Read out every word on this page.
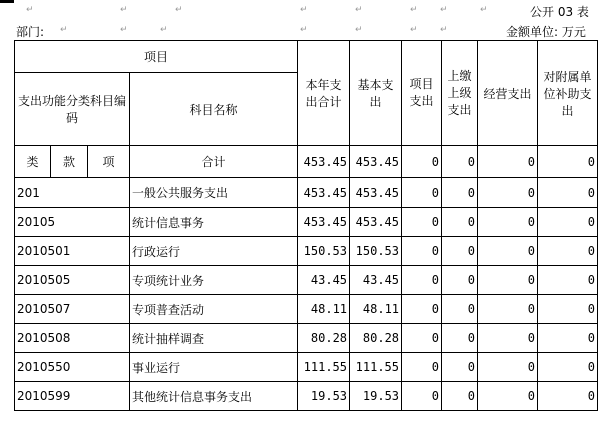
↵	↵	↵	↵	↵	↵ ↵	↵	公开 03 表
部门: ↵	↵	↵	↵	↵	↵ ↵	金额单位: 万元
项目				本年支出合计	基本支出	项目支出	上缴上级支出	经营支出	对附属单位补助支出
支出功能分类科目编码			科目名称						
类	款	项	合计	453.45	453.45	0	0	0	0
201			一般公共服务支出	453.45	453.45	0	0	0	0
20105			统计信息事务	453.45	453.45	0	0	0	0
2010501			行政运行	150.53	150.53	0	0	0	0
2010505			专项统计业务	43.45	43.45	0	0	0	0
2010507			专项普查活动	48.11	48.11	0	0	0	0
2010508			统计抽样调查	80.28	80.28	0	0	0	0
2010550			事业运行	111.55	111.55	0	0	0	0
2010599			其他统计信息事务支出	19.53	19.53	0	0	0	0
